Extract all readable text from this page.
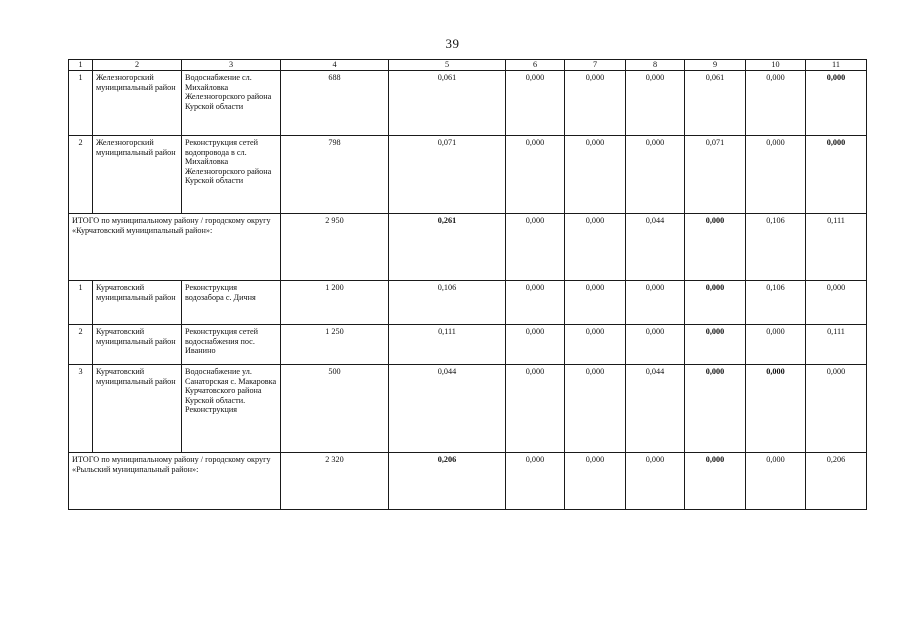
39
1	2	3	4	5	6	7	8	9	10	11
1	Железногорский муниципальный район	Водоснабжение сл. Михайловка Железногорского района Курской области	688	0,061	0,000	0,000	0,000	0,061	0,000	0,000
2	Железногорский муниципальный район	Реконструкция сетей водопровода в сл. Михайловка Железногорского района Курской области	798	0,071	0,000	0,000	0,000	0,071	0,000	0,000
ИТОГО по муниципальному району / городскому округу «Курчатовский муниципальный район»:			2 950	0,261	0,000	0,000	0,044	0,000	0,106	0,111
1	Курчатовский муниципальный район	Реконструкция водозабора с. Дичня	1 200	0,106	0,000	0,000	0,000	0,000	0,106	0,000
2	Курчатовский муниципальный район	Реконструкция сетей водоснабжения пос. Иванино	1 250	0,111	0,000	0,000	0,000	0,000	0,000	0,111
3	Курчатовский муниципальный район	Водоснабжение ул. Санаторская с. Макаровка Курчатовского района Курской области. Реконструкция	500	0,044	0,000	0,000	0,044	0,000	0,000	0,000
ИТОГО по муниципальному району / городскому округу «Рыльский муниципальный район»:			2 320	0,206	0,000	0,000	0,000	0,000	0,000	0,206
